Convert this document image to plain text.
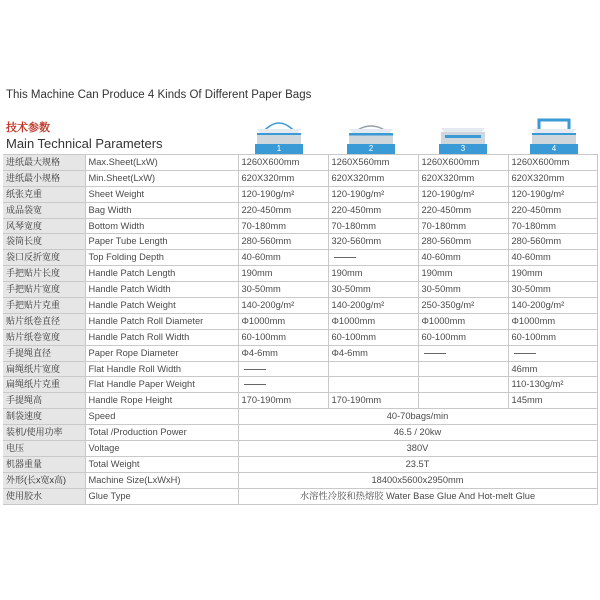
This Machine Can Produce 4 Kinds Of Different Paper Bags
技术参数
Main Technical Parameters	1	2	3	4
进纸最大规格	Max.Sheet(LxW)	1260X600mm	1260X560mm	1260X600mm	1260X600mm
进纸最小规格	Min.Sheet(LxW)	620X320mm	620X320mm	620X320mm	620X320mm
纸张克重	Sheet Weight	120-190g/m²	120-190g/m²	120-190g/m²	120-190g/m²
成品袋宽	Bag Width	220-450mm	220-450mm	220-450mm	220-450mm
风琴宽度	Bottom Width	70-180mm	70-180mm	70-180mm	70-180mm
袋筒长度	Paper Tube Length	280-560mm	320-560mm	280-560mm	280-560mm
袋口反折宽度	Top Folding Depth	40-60mm		40-60mm	40-60mm
手把贴片长度	Handle Patch Length	190mm	190mm	190mm	190mm
手把贴片宽度	Handle Patch Width	30-50mm	30-50mm	30-50mm	30-50mm
手把贴片克重	Handle Patch Weight	140-200g/m²	140-200g/m²	250-350g/m²	140-200g/m²
贴片纸卷直径	Handle Patch Roll Diameter	Φ1000mm	Φ1000mm	Φ1000mm	Φ1000mm
贴片纸卷宽度	Handle Patch Roll Width	60-100mm	60-100mm	60-100mm	60-100mm
手提绳直径	Paper Rope Diameter	Φ4-6mm	Φ4-6mm		
扁绳纸片宽度	Flat Handle Roll Width				46mm
扁绳纸片克重	Flat Handle Paper Weight				110-130g/m²
手提绳高	Handle Rope Height	170-190mm	170-190mm		145mm
制袋速度	Speed	40-70bags/min			
装机/使用功率	Total /Production Power	46.5 / 20kw			
电压	Voltage	380V			
机器重量	Total Weight	23.5T			
外形(长x宽x高)	Machine Size(LxWxH)	18400x5600x2950mm			
使用胶水	Glue Type	水溶性冷胶和热熔胶 Water Base Glue And Hot-melt Glue			
